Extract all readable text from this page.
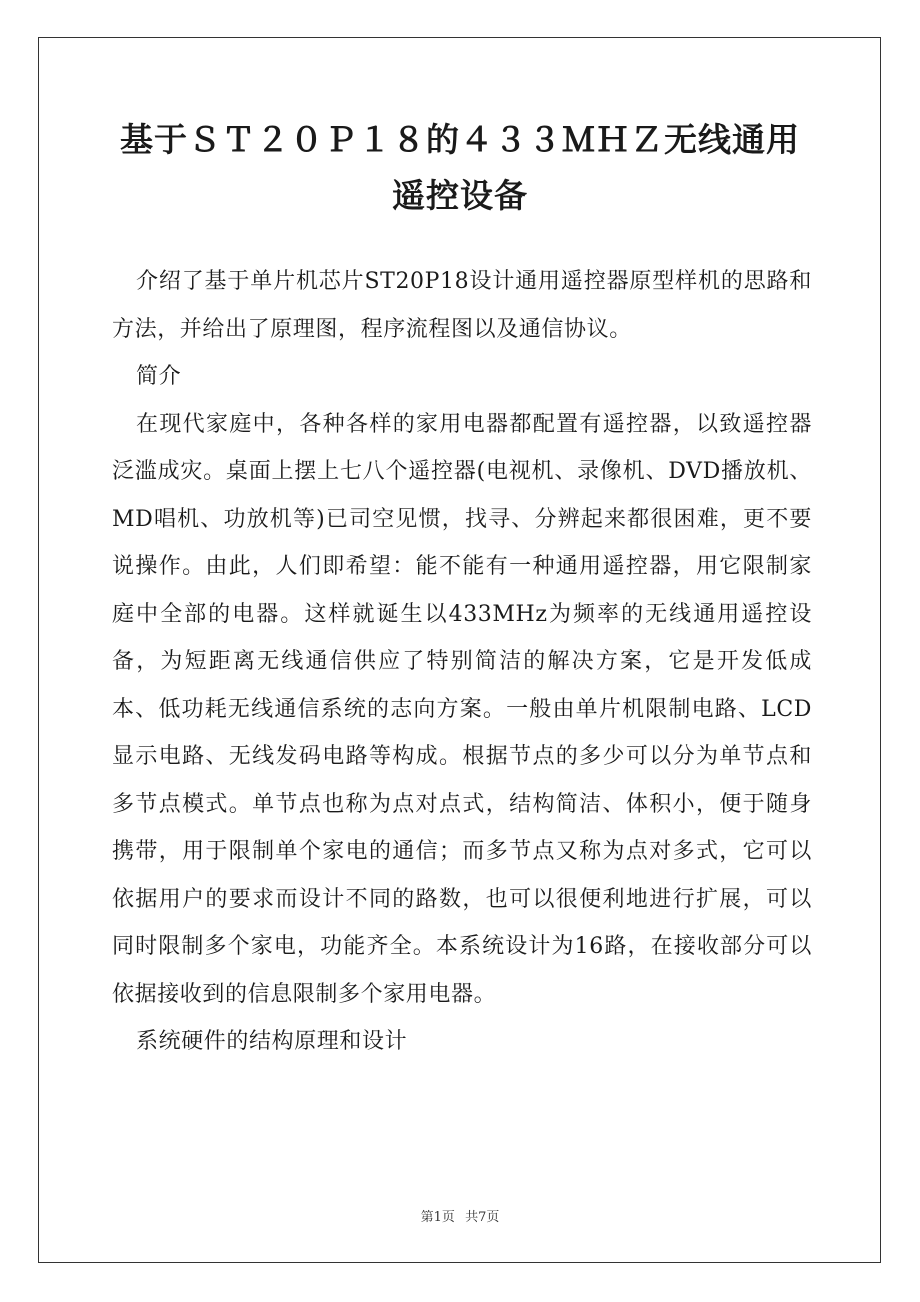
基于ＳＴ２０Ｐ１８的４３３ＭＨＺ无线通用
遥控设备

介绍了基于单片机芯片ST20P18设计通用遥控器原型样机的思路和方法，并给出了原理图，程序流程图以及通信协议。

简介

在现代家庭中，各种各样的家用电器都配置有遥控器，以致遥控器泛滥成灾。桌面上摆上七八个遥控器(电视机、录像机、DVD播放机、MD唱机、功放机等)已司空见惯，找寻、分辨起来都很困难，更不要说操作。由此，人们即希望：能不能有一种通用遥控器，用它限制家庭中全部的电器。这样就诞生以433MHz为频率的无线通用遥控设备，为短距离无线通信供应了特别简洁的解决方案，它是开发低成本、低功耗无线通信系统的志向方案。一般由单片机限制电路、LCD显示电路、无线发码电路等构成。根据节点的多少可以分为单节点和多节点模式。单节点也称为点对点式，结构简洁、体积小，便于随身携带，用于限制单个家电的通信；而多节点又称为点对多式，它可以依据用户的要求而设计不同的路数，也可以很便利地进行扩展，可以同时限制多个家电，功能齐全。本系统设计为16路，在接收部分可以依据接收到的信息限制多个家用电器。

系统硬件的结构原理和设计

第1页 共7页
